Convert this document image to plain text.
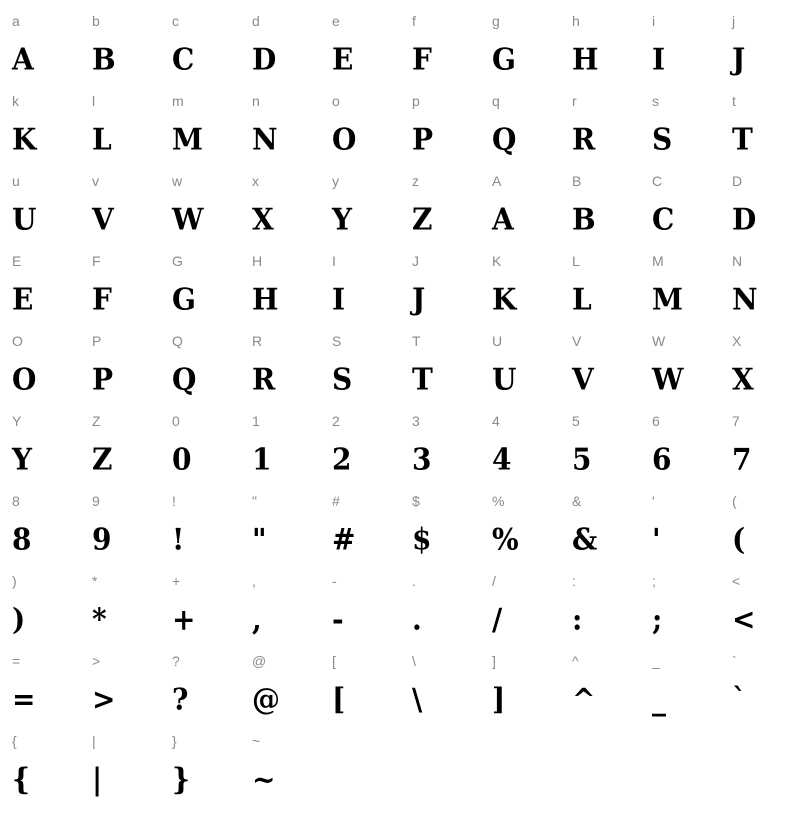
a	b	c	d	e	f	g	h	i	j
A	B	C	D	E	F	G	H	I	J
k	l	m	n	o	p	q	r	s	t
K	L	M	N	O	P	Q	R	S	T
u	v	w	x	y	z	A	B	C	D
U	V	W	X	Y	Z	A	B	C	D
E	F	G	H	I	J	K	L	M	N
E	F	G	H	I	J	K	L	M	N
O	P	Q	R	S	T	U	V	W	X
O	P	Q	R	S	T	U	V	W	X
Y	Z	0	1	2	3	4	5	6	7
Y	Z	0	1	2	3	4	5	6	7
8	9	!	"	#	$	%	&	'	(
8	9	!	"	#	$	%	&	'	(
)	*	+	,	-	.	/	:	;	<
)	*	+	,	-	.	/	:	;	<
=	>	?	@	[	\	]	^	_	`
=	>	?	@	[	\	]	^	_	`
{	|	}	~
{	|	}	~
